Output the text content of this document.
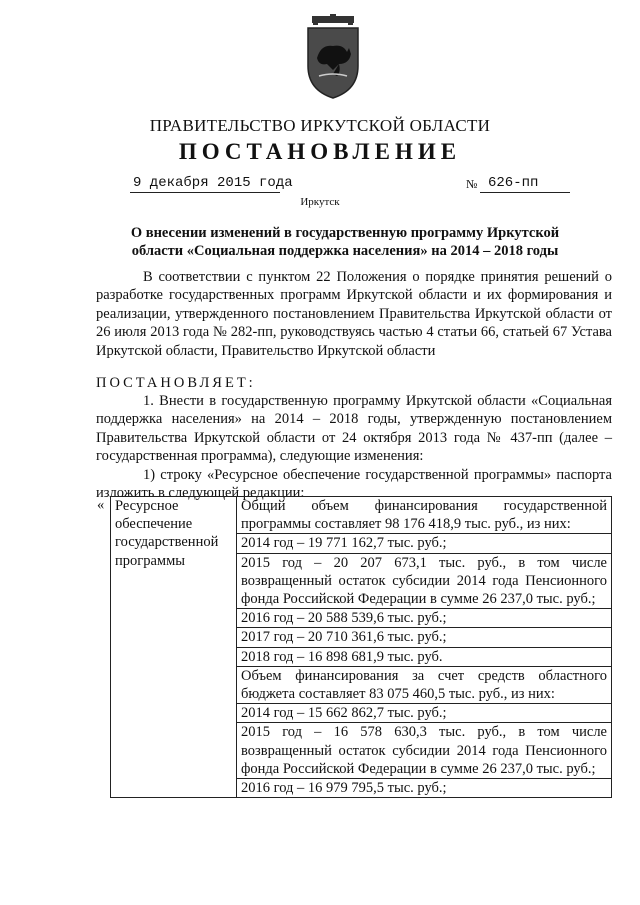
ПРАВИТЕЛЬСТВО ИРКУТСКОЙ ОБЛАСТИ
ПОСТАНОВЛЕНИЕ
9 декабря 2015 года	№ 626-пп
Иркутск
О внесении изменений в государственную программу Иркутской
области «Социальная поддержка населения» на 2014 – 2018 годы

В соответствии с пунктом 22 Положения о порядке принятия решений о разработке государственных программ Иркутской области и их формирования и реализации, утвержденного постановлением Правительства Иркутской области от 26 июля 2013 года № 282-пп, руководствуясь частью 4 статьи 66, статьей 67 Устава Иркутской области, Правительство Иркутской области

ПОСТАНОВЛЯЕТ:

1. Внести в государственную программу Иркутской области «Социальная поддержка населения» на 2014 – 2018 годы, утвержденную постановлением Правительства Иркутской области от 24 октября 2013 года № 437-пп (далее – государственная программа), следующие изменения:

1) строку «Ресурсное обеспечение государственной программы» паспорта изложить в следующей редакции:

« Ресурсное обеспечение государственной программы	
Общий объем финансирования государственной программы составляет 98 176 418,9 тыс. руб., из них:
2014 год – 19 771 162,7 тыс. руб.;
2015 год – 20 207 673,1 тыс. руб., в том числе возвращенный остаток субсидии 2014 года Пенсионного фонда Российской Федерации в сумме 26 237,0 тыс. руб.;
2016 год – 20 588 539,6 тыс. руб.;
2017 год – 20 710 361,6 тыс. руб.;
2018 год – 16 898 681,9 тыс. руб.
Объем финансирования за счет средств областного бюджета составляет 83 075 460,5 тыс. руб., из них:
2014 год – 15 662 862,7 тыс. руб.;
2015 год – 16 578 630,3 тыс. руб., в том числе возвращенный остаток субсидии 2014 года Пенсионного фонда Российской Федерации в сумме 26 237,0 тыс. руб.;
2016 год – 16 979 795,5 тыс. руб.;
